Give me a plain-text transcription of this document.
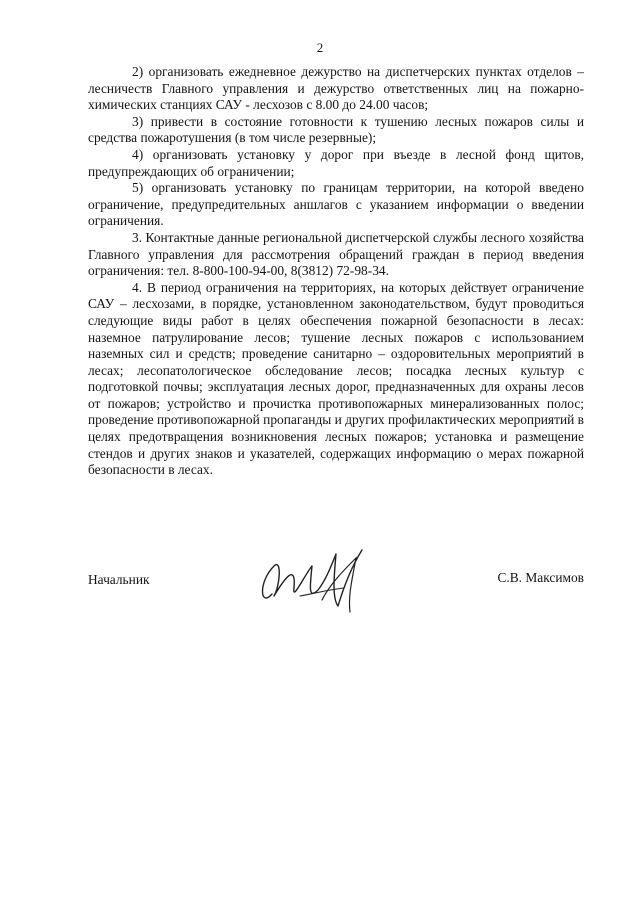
2

2) организовать ежедневное дежурство на диспетчерских пунктах отделов – лесничеств Главного управления и дежурство ответственных лиц на пожарно-химических станциях САУ - лесхозов с 8.00 до 24.00 часов;

3) привести в состояние готовности к тушению лесных пожаров силы и средства пожаротушения (в том числе резервные);

4) организовать установку у дорог при въезде в лесной фонд щитов, предупреждающих об ограничении;

5) организовать установку по границам территории, на которой введено ограничение, предупредительных аншлагов с указанием информации о введении ограничения.

3. Контактные данные региональной диспетчерской службы лесного хозяйства Главного управления для рассмотрения обращений граждан в период введения ограничения: тел. 8-800-100-94-00, 8(3812) 72-98-34.

4. В период ограничения на территориях, на которых действует ограничение САУ – лесхозами, в порядке, установленном законодательством, будут проводиться следующие виды работ в целях обеспечения пожарной безопасности в лесах: наземное патрулирование лесов; тушение лесных пожаров с использованием наземных сил и средств; проведение санитарно – оздоровительных мероприятий в лесах; лесопатологическое обследование лесов; посадка лесных культур с подготовкой почвы; эксплуатация лесных дорог, предназначенных для охраны лесов от пожаров; устройство и прочистка противопожарных минерализованных полос; проведение противопожарной пропаганды и других профилактических мероприятий в целях предотвращения возникновения лесных пожаров; установка и размещение стендов и других знаков и указателей, содержащих информацию о мерах пожарной безопасности в лесах.

Начальник	С.В. Максимов
